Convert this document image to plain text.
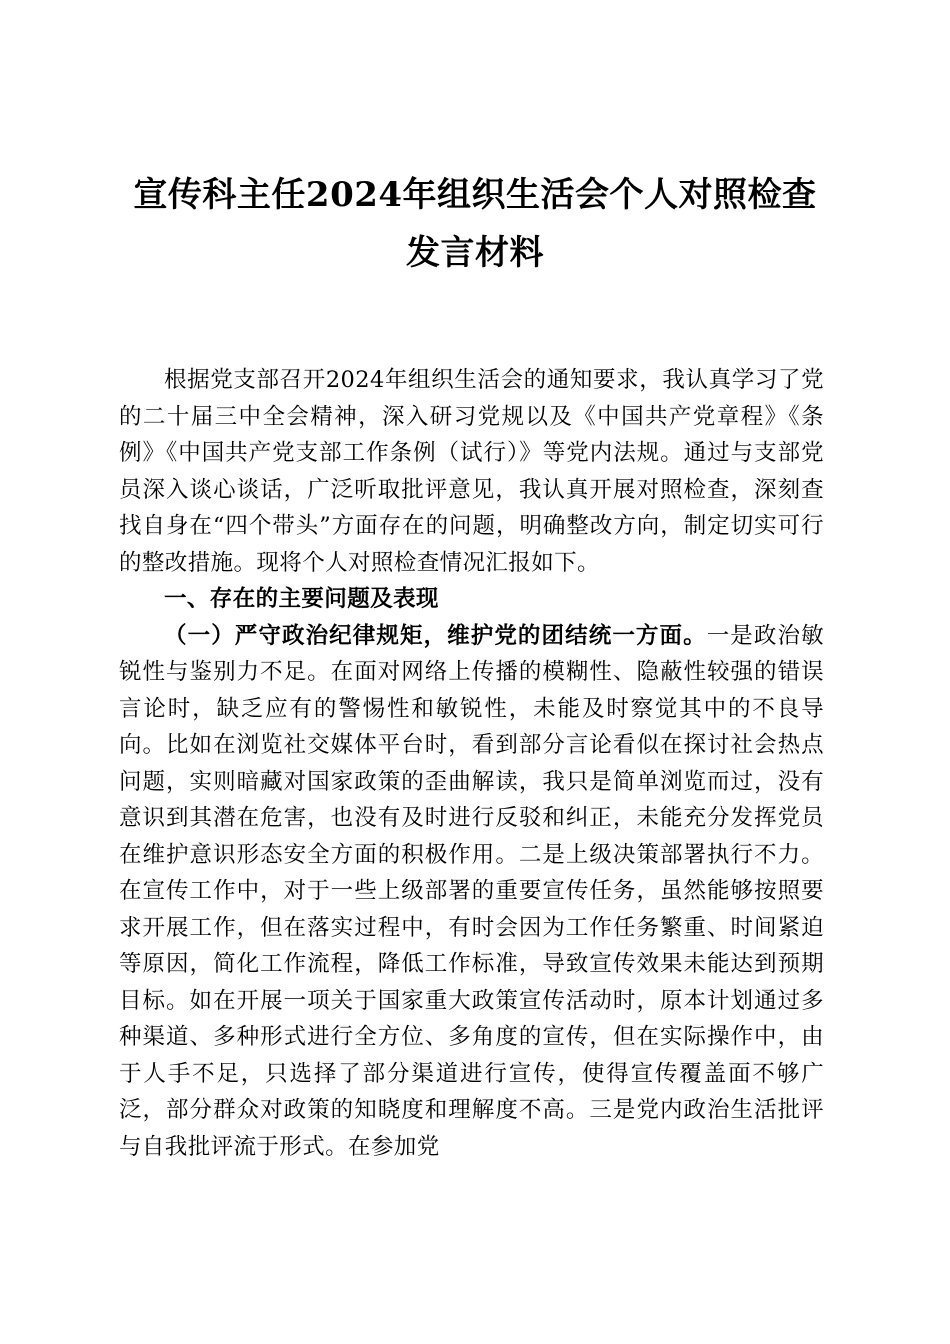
宣传科主任2024年组织生活会个人对照检查
发言材料

根据党支部召开2024年组织生活会的通知要求，我认真学习了党的二十届三中全会精神，深入研习党规以及《中国共产党章程》《条例》《中国共产党支部工作条例（试行）》等党内法规。通过与支部党员深入谈心谈话，广泛听取批评意见，我认真开展对照检查，深刻查找自身在“四个带头”方面存在的问题，明确整改方向，制定切实可行的整改措施。现将个人对照检查情况汇报如下。

一、存在的主要问题及表现

（一）严守政治纪律规矩，维护党的团结统一方面。一是政治敏锐性与鉴别力不足。在面对网络上传播的模糊性、隐蔽性较强的错误言论时，缺乏应有的警惕性和敏锐性，未能及时察觉其中的不良导向。比如在浏览社交媒体平台时，看到部分言论看似在探讨社会热点问题，实则暗藏对国家政策的歪曲解读，我只是简单浏览而过，没有意识到其潜在危害，也没有及时进行反驳和纠正，未能充分发挥党员在维护意识形态安全方面的积极作用。二是上级决策部署执行不力。在宣传工作中，对于一些上级部署的重要宣传任务，虽然能够按照要求开展工作，但在落实过程中，有时会因为工作任务繁重、时间紧迫等原因，简化工作流程，降低工作标准，导致宣传效果未能达到预期目标。如在开展一项关于国家重大政策宣传活动时，原本计划通过多种渠道、多种形式进行全方位、多角度的宣传，但在实际操作中，由于人手不足，只选择了部分渠道进行宣传，使得宣传覆盖面不够广泛，部分群众对政策的知晓度和理解度不高。三是党内政治生活批评与自我批评流于形式。在参加党
